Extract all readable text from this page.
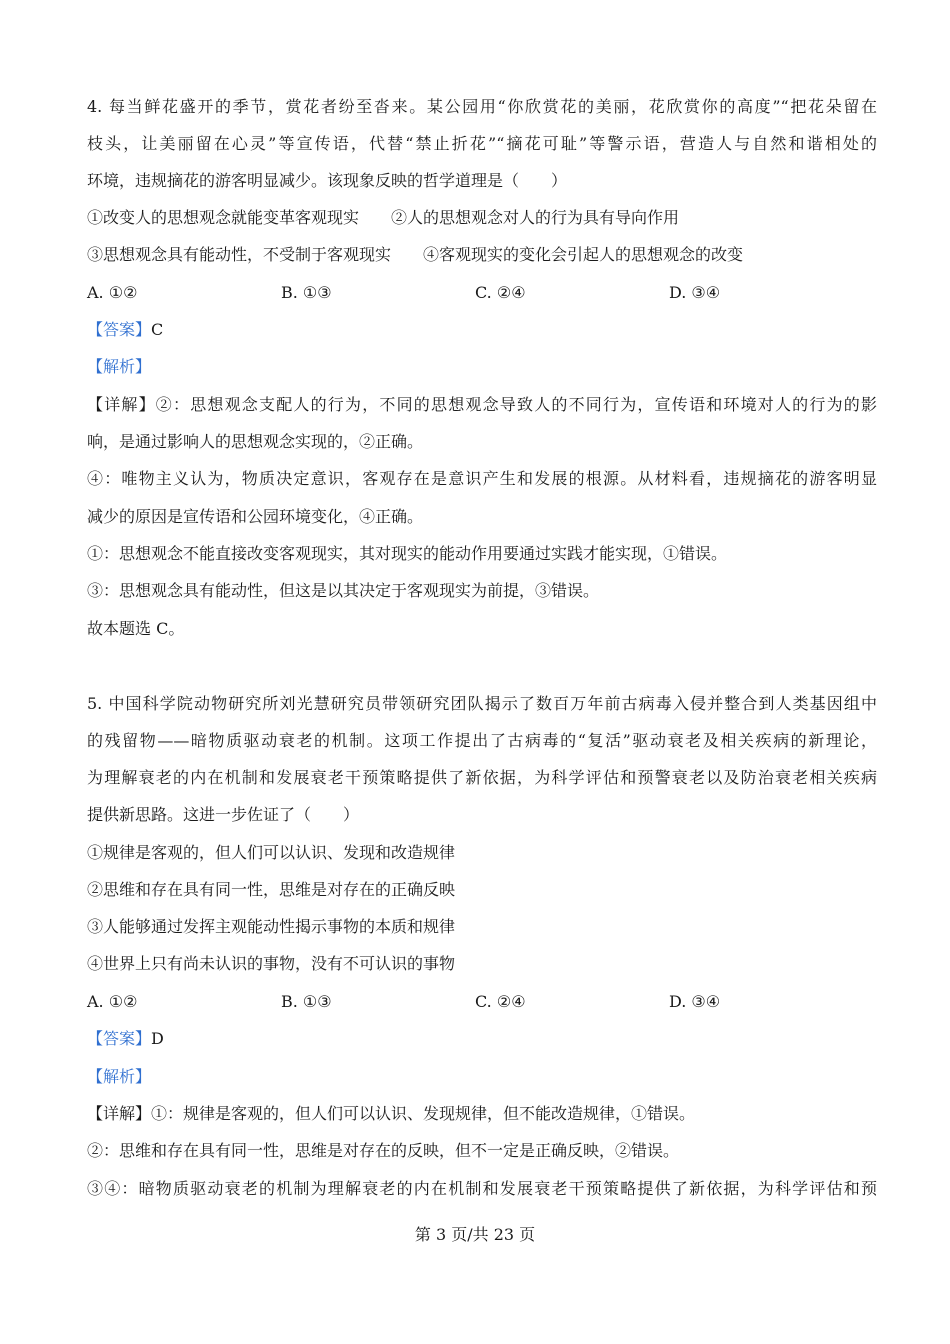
4. 每当鲜花盛开的季节，赏花者纷至沓来。某公园用“你欣赏花的美丽，花欣赏你的高度”“把花朵留在
枝头，让美丽留在心灵”等宣传语，代替“禁止折花”“摘花可耻”等警示语，营造人与自然和谐相处的
环境，违规摘花的游客明显减少。该现象反映的哲学道理是（　　）
①改变人的思想观念就能变革客观现实　　②人的思想观念对人的行为具有导向作用
③思想观念具有能动性，不受制于客观现实　　④客观现实的变化会引起人的思想观念的改变
A. ①②	B. ①③	C. ②④	D. ③④
【答案】C
【解析】
【详解】②：思想观念支配人的行为，不同的思想观念导致人的不同行为，宣传语和环境对人的行为的影
响，是通过影响人的思想观念实现的，②正确。
④：唯物主义认为，物质决定意识，客观存在是意识产生和发展的根源。从材料看，违规摘花的游客明显
减少的原因是宣传语和公园环境变化，④正确。
①：思想观念不能直接改变客观现实，其对现实的能动作用要通过实践才能实现，①错误。
③：思想观念具有能动性，但这是以其决定于客观现实为前提，③错误。
故本题选 C。
5. 中国科学院动物研究所刘光慧研究员带领研究团队揭示了数百万年前古病毒入侵并整合到人类基因组中
的残留物——暗物质驱动衰老的机制。这项工作提出了古病毒的“复活”驱动衰老及相关疾病的新理论，
为理解衰老的内在机制和发展衰老干预策略提供了新依据，为科学评估和预警衰老以及防治衰老相关疾病
提供新思路。这进一步佐证了（　　）
①规律是客观的，但人们可以认识、发现和改造规律
②思维和存在具有同一性，思维是对存在的正确反映
③人能够通过发挥主观能动性揭示事物的本质和规律
④世界上只有尚未认识的事物，没有不可认识的事物
A. ①②	B. ①③	C. ②④	D. ③④
【答案】D
【解析】
【详解】①：规律是客观的，但人们可以认识、发现规律，但不能改造规律，①错误。
②：思维和存在具有同一性，思维是对存在的反映，但不一定是正确反映，②错误。
③④：暗物质驱动衰老的机制为理解衰老的内在机制和发展衰老干预策略提供了新依据，为科学评估和预
第 3 页/共 23 页
